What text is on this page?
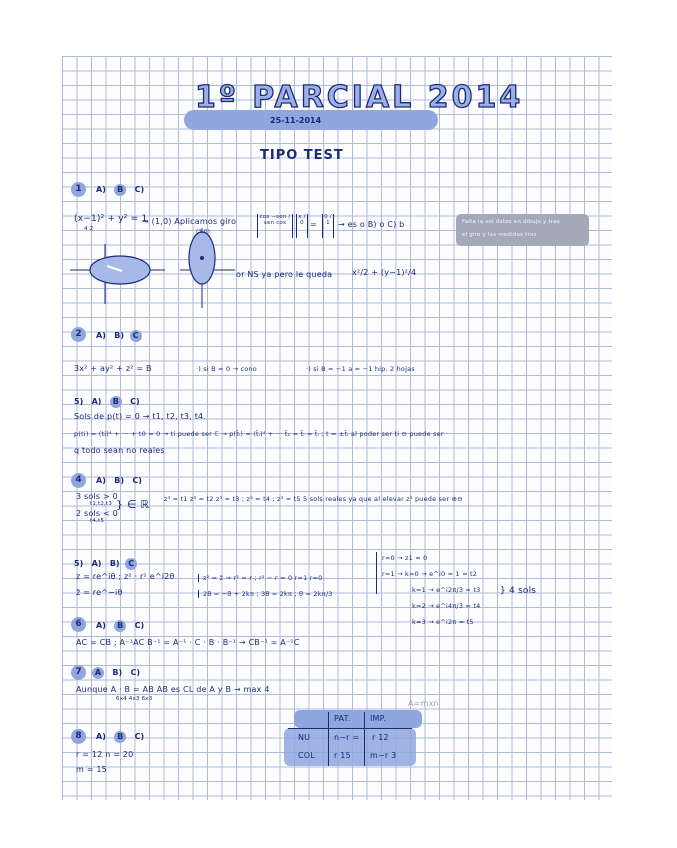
1º PARCIAL 2014
25-11-2014
TIPO TEST
1	A) B C)
(x−1)² + y² = 1
4 2
→ (1,0) Aplicamos giro	cos −sen / sen cos
x / 0 =
0 / 1	→ es o B) o C) b	Falta la sol datos en dibujo y tras
el giro y las medidas tras
(1,0)
or NS ya pero le queda x²/2 + (y−1)²/4
2	A) B) C
3x² + ay² + z² = B	·) si B = 0 → cono	·) si B = −1 a = −1 hip. 2 hojas
5) A) B C)
Sols de p(t) = 0 → t1, t2, t3, t4.
p(ti) = (ti)⁴ + ··· + t0 = 0 → ti puede ser ℂ → p(t̄ᵢ) = (t̄ᵢ)⁴ + ··· t̄₀ = t̄ᵢ = t̄ᵢ ; t = ±t̄ᵢ al poder ser ti ⊖ puede ser
q todo sean no reales
4	A) B) C)
3 sols > 0
t1,t2,t3
2 sols < 0
t4,t5
} ∈ ℝ z³ = t1 z³ = t2 z³ = t3 ; z³ = t4 ; z³ = t5 5 sols reales ya que al elevar z³ puede ser ⊕⊖
5) A) B) C
z = re^iθ ; z² · r² e^i2θ
z̄ = re^−iθ
z² = z̄ → r² = r ; r² − r = 0 r=1 r=0
2θ = −θ + 2kπ ; 3θ = 2kπ ; θ = 2kπ/3
r=0 → z1 = 0
r=1 → k=0 → e^i0 = 1 = t2
k=1 → e^i2π/3 = t3
k=2 → e^i4π/3 = t4
k=3 → e^i2π = t5
} 4 sols
6	A) B C)
AC = CB ; A⁻¹AC B⁻¹ = A⁻¹ · C · B · B⁻¹ → CB⁻¹ = A⁻¹C
7	A B) C)
Aunque A · B = AB AB es CL de A y B → max 4
6x4 4x3 6x3	A=mxn
8	A) B C)
r = 12 n = 20
m = 15
PAT. IMP.
NU	n−r = r 12
COL r 15 m−r 3
